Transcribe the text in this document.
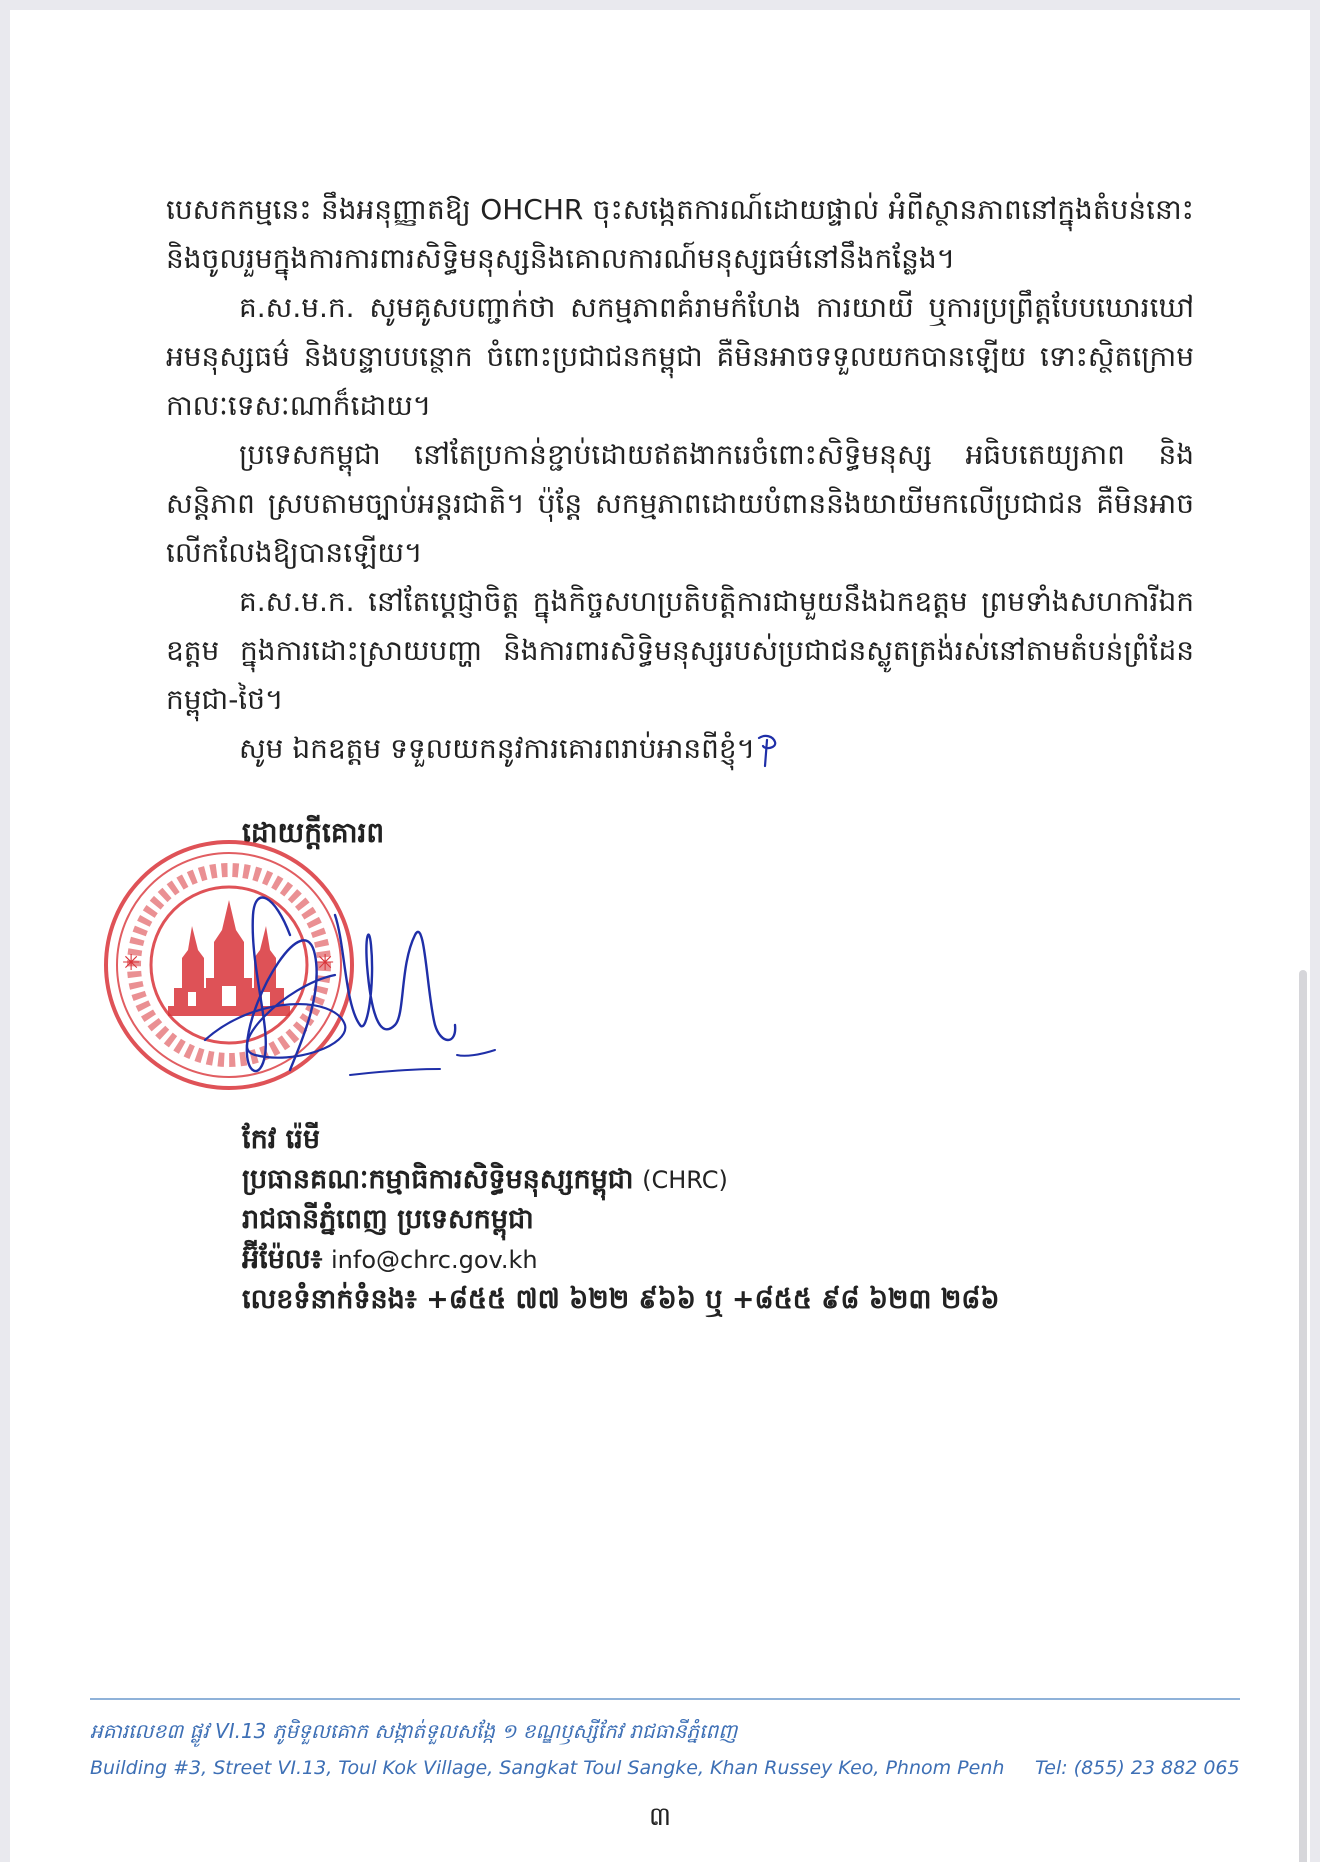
បេសកកម្មនេះ នឹងអនុញ្ញាតឱ្យ OHCHR ចុះសង្កេតការណ៍ដោយផ្ទាល់ អំពីស្ថានភាពនៅក្នុងតំបន់នោះ និងចូលរួមក្នុងការការពារសិទ្ធិមនុស្សនិងគោលការណ៍មនុស្សធម៌នៅនឹងកន្លែង។

គ.ស.ម.ក. សូមគូសបញ្ជាក់ថា សកម្មភាពគំរាមកំហែង ការយាយី ឬការប្រព្រឹត្តបែបឃោរឃៅ អមនុស្សធម៌ និងបន្ទាបបន្ថោក ចំពោះប្រជាជនកម្ពុជា គឺមិនអាចទទួលយកបានឡើយ ទោះស្ថិតក្រោមកាលៈទេសៈណាក៏ដោយ។

ប្រទេសកម្ពុជា នៅតែប្រកាន់ខ្ជាប់ដោយឥតងាករេចំពោះសិទ្ធិមនុស្ស អធិបតេយ្យភាព និងសន្តិភាព ស្របតាមច្បាប់អន្តរជាតិ។ ប៉ុន្តែ សកម្មភាពដោយបំពាននិងយាយីមកលើប្រជាជន គឺមិនអាចលើកលែងឱ្យបានឡើយ។

គ.ស.ម.ក. នៅតែប្តេជ្ញាចិត្ត ក្នុងកិច្ចសហប្រតិបត្តិការជាមួយនឹងឯកឧត្តម ព្រមទាំងសហការីឯកឧត្តម ក្នុងការដោះស្រាយបញ្ហា និងការពារសិទ្ធិមនុស្សរបស់ប្រជាជនស្លូតត្រង់រស់នៅតាមតំបន់ព្រំដែនកម្ពុជា-ថៃ។

សូម ឯកឧត្តម ទទួលយកនូវការគោរពរាប់អានពីខ្ញុំ។

ដោយក្តីគោរព
✳	✳
កែវ រ៉េមី
ប្រធានគណៈកម្មាធិការសិទ្ធិមនុស្សកម្ពុជា (CHRC)
រាជធានីភ្នំពេញ ប្រទេសកម្ពុជា
អ៊ីម៉ែល៖ info@chrc.gov.kh
លេខទំនាក់ទំនង៖ +៨៥៥ ៧៧ ៦២២ ៩៦៦ ឬ +៨៥៥ ៩៨ ៦២៣ ២៨៦
អគារលេខ៣ ផ្លូវ VI.13 ភូមិទួលគោក សង្កាត់ទួលសង្កែ ១ ខណ្ឌឫស្សីកែវ រាជធានីភ្នំពេញ
Building #3, Street VI.13, Toul Kok Village, Sangkat Toul Sangke, Khan Russey Keo, Phnom Penh Tel: (855) 23 882 065
៣
